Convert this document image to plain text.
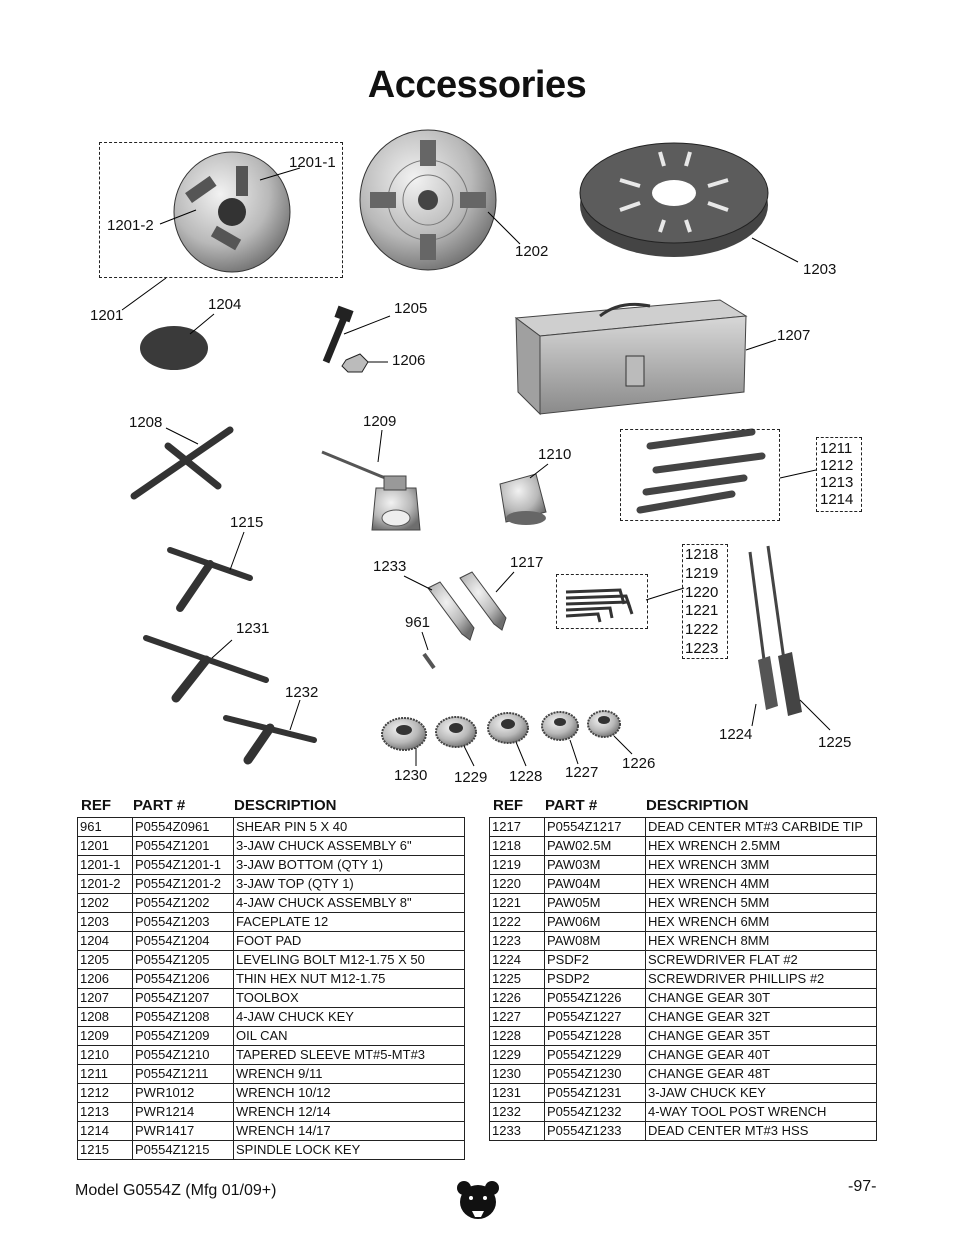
Accessories
1201-1
1201-2
1201
1202
1203
1204	1205
1206
1207
1208	1209
1210
1215
1233	1217
961
1231
1232
1224	1225
1230 1229 1228 1227
1226
1211
1212
1213
1214
1218
1219
1220
1221
1222
1223
REF PART #	DESCRIPTION	REF PART #	DESCRIPTION
961	P0554Z0961	SHEAR PIN 5 X 40
1201	P0554Z1201	3-JAW CHUCK ASSEMBLY 6"
1201-1	P0554Z1201-1	3-JAW BOTTOM (QTY 1)
1201-2	P0554Z1201-2	3-JAW TOP (QTY 1)
1202	P0554Z1202	4-JAW CHUCK ASSEMBLY 8"
1203	P0554Z1203	FACEPLATE 12
1204	P0554Z1204	FOOT PAD
1205	P0554Z1205	LEVELING BOLT M12-1.75 X 50
1206	P0554Z1206	THIN HEX NUT M12-1.75
1207	P0554Z1207	TOOLBOX
1208	P0554Z1208	4-JAW CHUCK KEY
1209	P0554Z1209	OIL CAN
1210	P0554Z1210	TAPERED SLEEVE MT#5-MT#3
1211	P0554Z1211	WRENCH 9/11
1212	PWR1012	WRENCH 10/12
1213	PWR1214	WRENCH 12/14
1214	PWR1417	WRENCH 14/17
1215	P0554Z1215	SPINDLE LOCK KEY
1217	P0554Z1217	DEAD CENTER MT#3 CARBIDE TIP
1218	PAW02.5M	HEX WRENCH 2.5MM
1219	PAW03M	HEX WRENCH 3MM
1220	PAW04M	HEX WRENCH 4MM
1221	PAW05M	HEX WRENCH 5MM
1222	PAW06M	HEX WRENCH 6MM
1223	PAW08M	HEX WRENCH 8MM
1224	PSDF2	SCREWDRIVER FLAT #2
1225	PSDP2	SCREWDRIVER PHILLIPS #2
1226	P0554Z1226	CHANGE GEAR 30T
1227	P0554Z1227	CHANGE GEAR 32T
1228	P0554Z1228	CHANGE GEAR 35T
1229	P0554Z1229	CHANGE GEAR 40T
1230	P0554Z1230	CHANGE GEAR 48T
1231	P0554Z1231	3-JAW CHUCK KEY
1232	P0554Z1232	4-WAY TOOL POST WRENCH
1233	P0554Z1233	DEAD CENTER MT#3 HSS
Model G0554Z (Mfg 01/09+)	-97-
